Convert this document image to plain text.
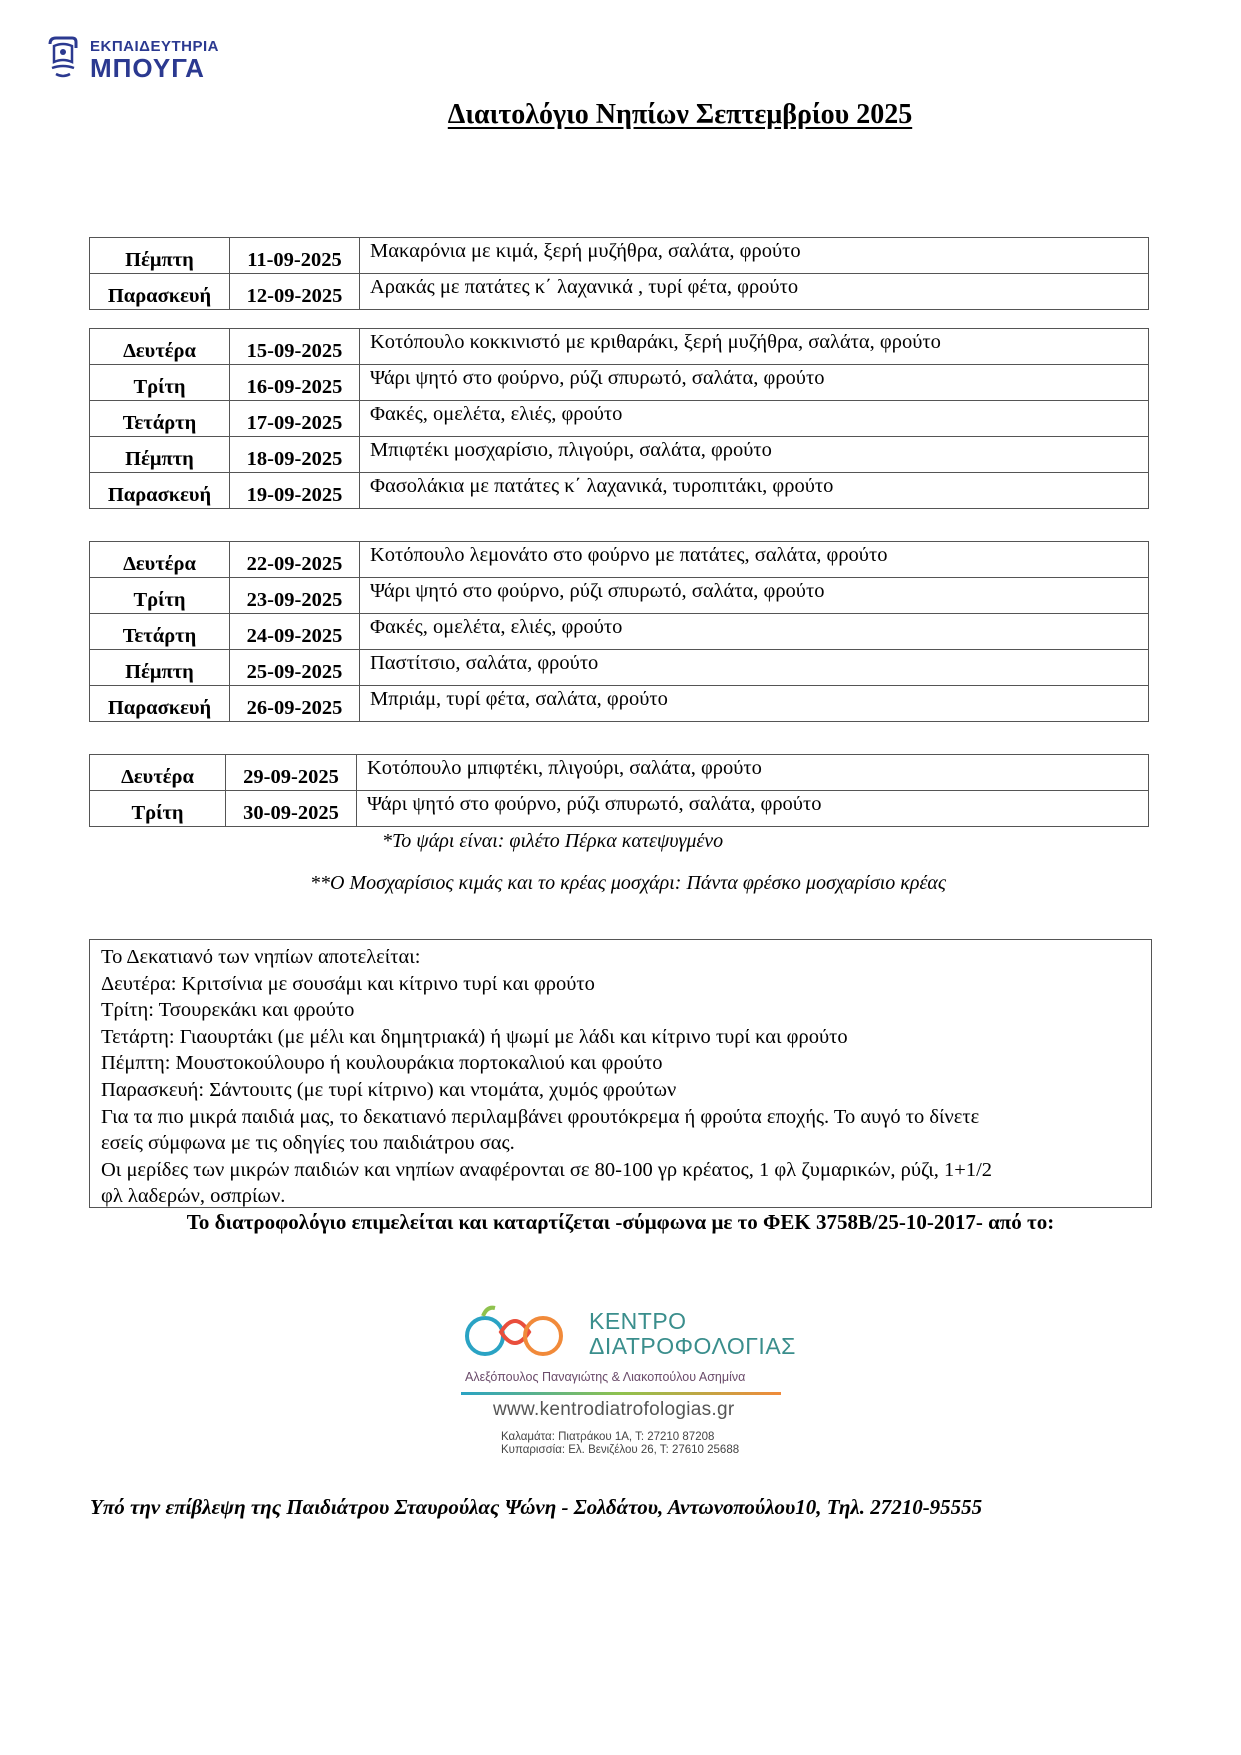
ΕΚΠΑΙΔΕΥΤΗΡΙΑ
ΜΠΟΥΓΑ
Διαιτολόγιο Νηπίων Σεπτεμβρίου 2025
Πέμπτη	11-09-2025	Μακαρόνια με κιμά, ξερή μυζήθρα, σαλάτα, φρούτο
Παρασκευή	12-09-2025	Αρακάς με πατάτες κ΄ λαχανικά , τυρί φέτα, φρούτο
Δευτέρα	15-09-2025	Κοτόπουλο κοκκινιστό με κριθαράκι, ξερή μυζήθρα, σαλάτα, φρούτο
Τρίτη	16-09-2025	Ψάρι ψητό στο φούρνο, ρύζι σπυρωτό, σαλάτα, φρούτο
Τετάρτη	17-09-2025	Φακές, ομελέτα, ελιές, φρούτο
Πέμπτη	18-09-2025	Μπιφτέκι μοσχαρίσιο, πλιγούρι, σαλάτα, φρούτο
Παρασκευή	19-09-2025	Φασολάκια με πατάτες κ΄ λαχανικά, τυροπιτάκι, φρούτο
Δευτέρα	22-09-2025	Κοτόπουλο λεμονάτο στο φούρνο με πατάτες, σαλάτα, φρούτο
Τρίτη	23-09-2025	Ψάρι ψητό στο φούρνο, ρύζι σπυρωτό, σαλάτα, φρούτο
Τετάρτη	24-09-2025	Φακές, ομελέτα, ελιές, φρούτο
Πέμπτη	25-09-2025	Παστίτσιο, σαλάτα, φρούτο
Παρασκευή	26-09-2025	Μπριάμ, τυρί φέτα, σαλάτα, φρούτο
Δευτέρα	29-09-2025	Κοτόπουλο μπιφτέκι, πλιγούρι, σαλάτα, φρούτο
Τρίτη	30-09-2025	Ψάρι ψητό στο φούρνο, ρύζι σπυρωτό, σαλάτα, φρούτο
*Το ψάρι είναι: φιλέτο Πέρκα κατεψυγμένο
**Ο Μοσχαρίσιος κιμάς και το κρέας μοσχάρι: Πάντα φρέσκο μοσχαρίσιο κρέας
Το Δεκατιανό των νηπίων αποτελείται:
Δευτέρα: Κριτσίνια με σουσάμι και κίτρινο τυρί και φρούτο
Τρίτη: Τσουρεκάκι και φρούτο
Τετάρτη: Γιαουρτάκι (με μέλι και δημητριακά) ή ψωμί με λάδι και κίτρινο τυρί και φρούτο
Πέμπτη: Μουστοκούλουρο ή κουλουράκια πορτοκαλιού και φρούτο
Παρασκευή: Σάντουιτς (με τυρί κίτρινο) και ντομάτα, χυμός φρούτων
Για τα πιο μικρά παιδιά μας, το δεκατιανό περιλαμβάνει φρουτόκρεμα ή φρούτα εποχής. Το αυγό το δίνετε
εσείς σύμφωνα με τις οδηγίες του παιδιάτρου σας.
Οι μερίδες των μικρών παιδιών και νηπίων αναφέρονται σε 80-100 γρ κρέατος, 1 φλ ζυμαρικών, ρύζι, 1+1/2
φλ λαδερών, οσπρίων.
Το διατροφολόγιο επιμελείται και καταρτίζεται -σύμφωνα με το ΦΕΚ 3758Β/25-10-2017- από το:
ΚΕΝΤΡΟ
ΔΙΑΤΡΟΦΟΛΟΓΙΑΣ
Αλεξόπουλος Παναγιώτης & Λιακοπούλου Ασημίνα
www.kentrodiatrofologias.gr
Καλαμάτα: Πιατράκου 1Α, Τ: 27210 87208
Κυπαρισσία: Ελ. Βενιζέλου 26, Τ: 27610 25688
Υπό την επίβλεψη της Παιδιάτρου Σταυρούλας Ψώνη - Σολδάτου, Αντωνοπούλου10, Τηλ. 27210-95555
